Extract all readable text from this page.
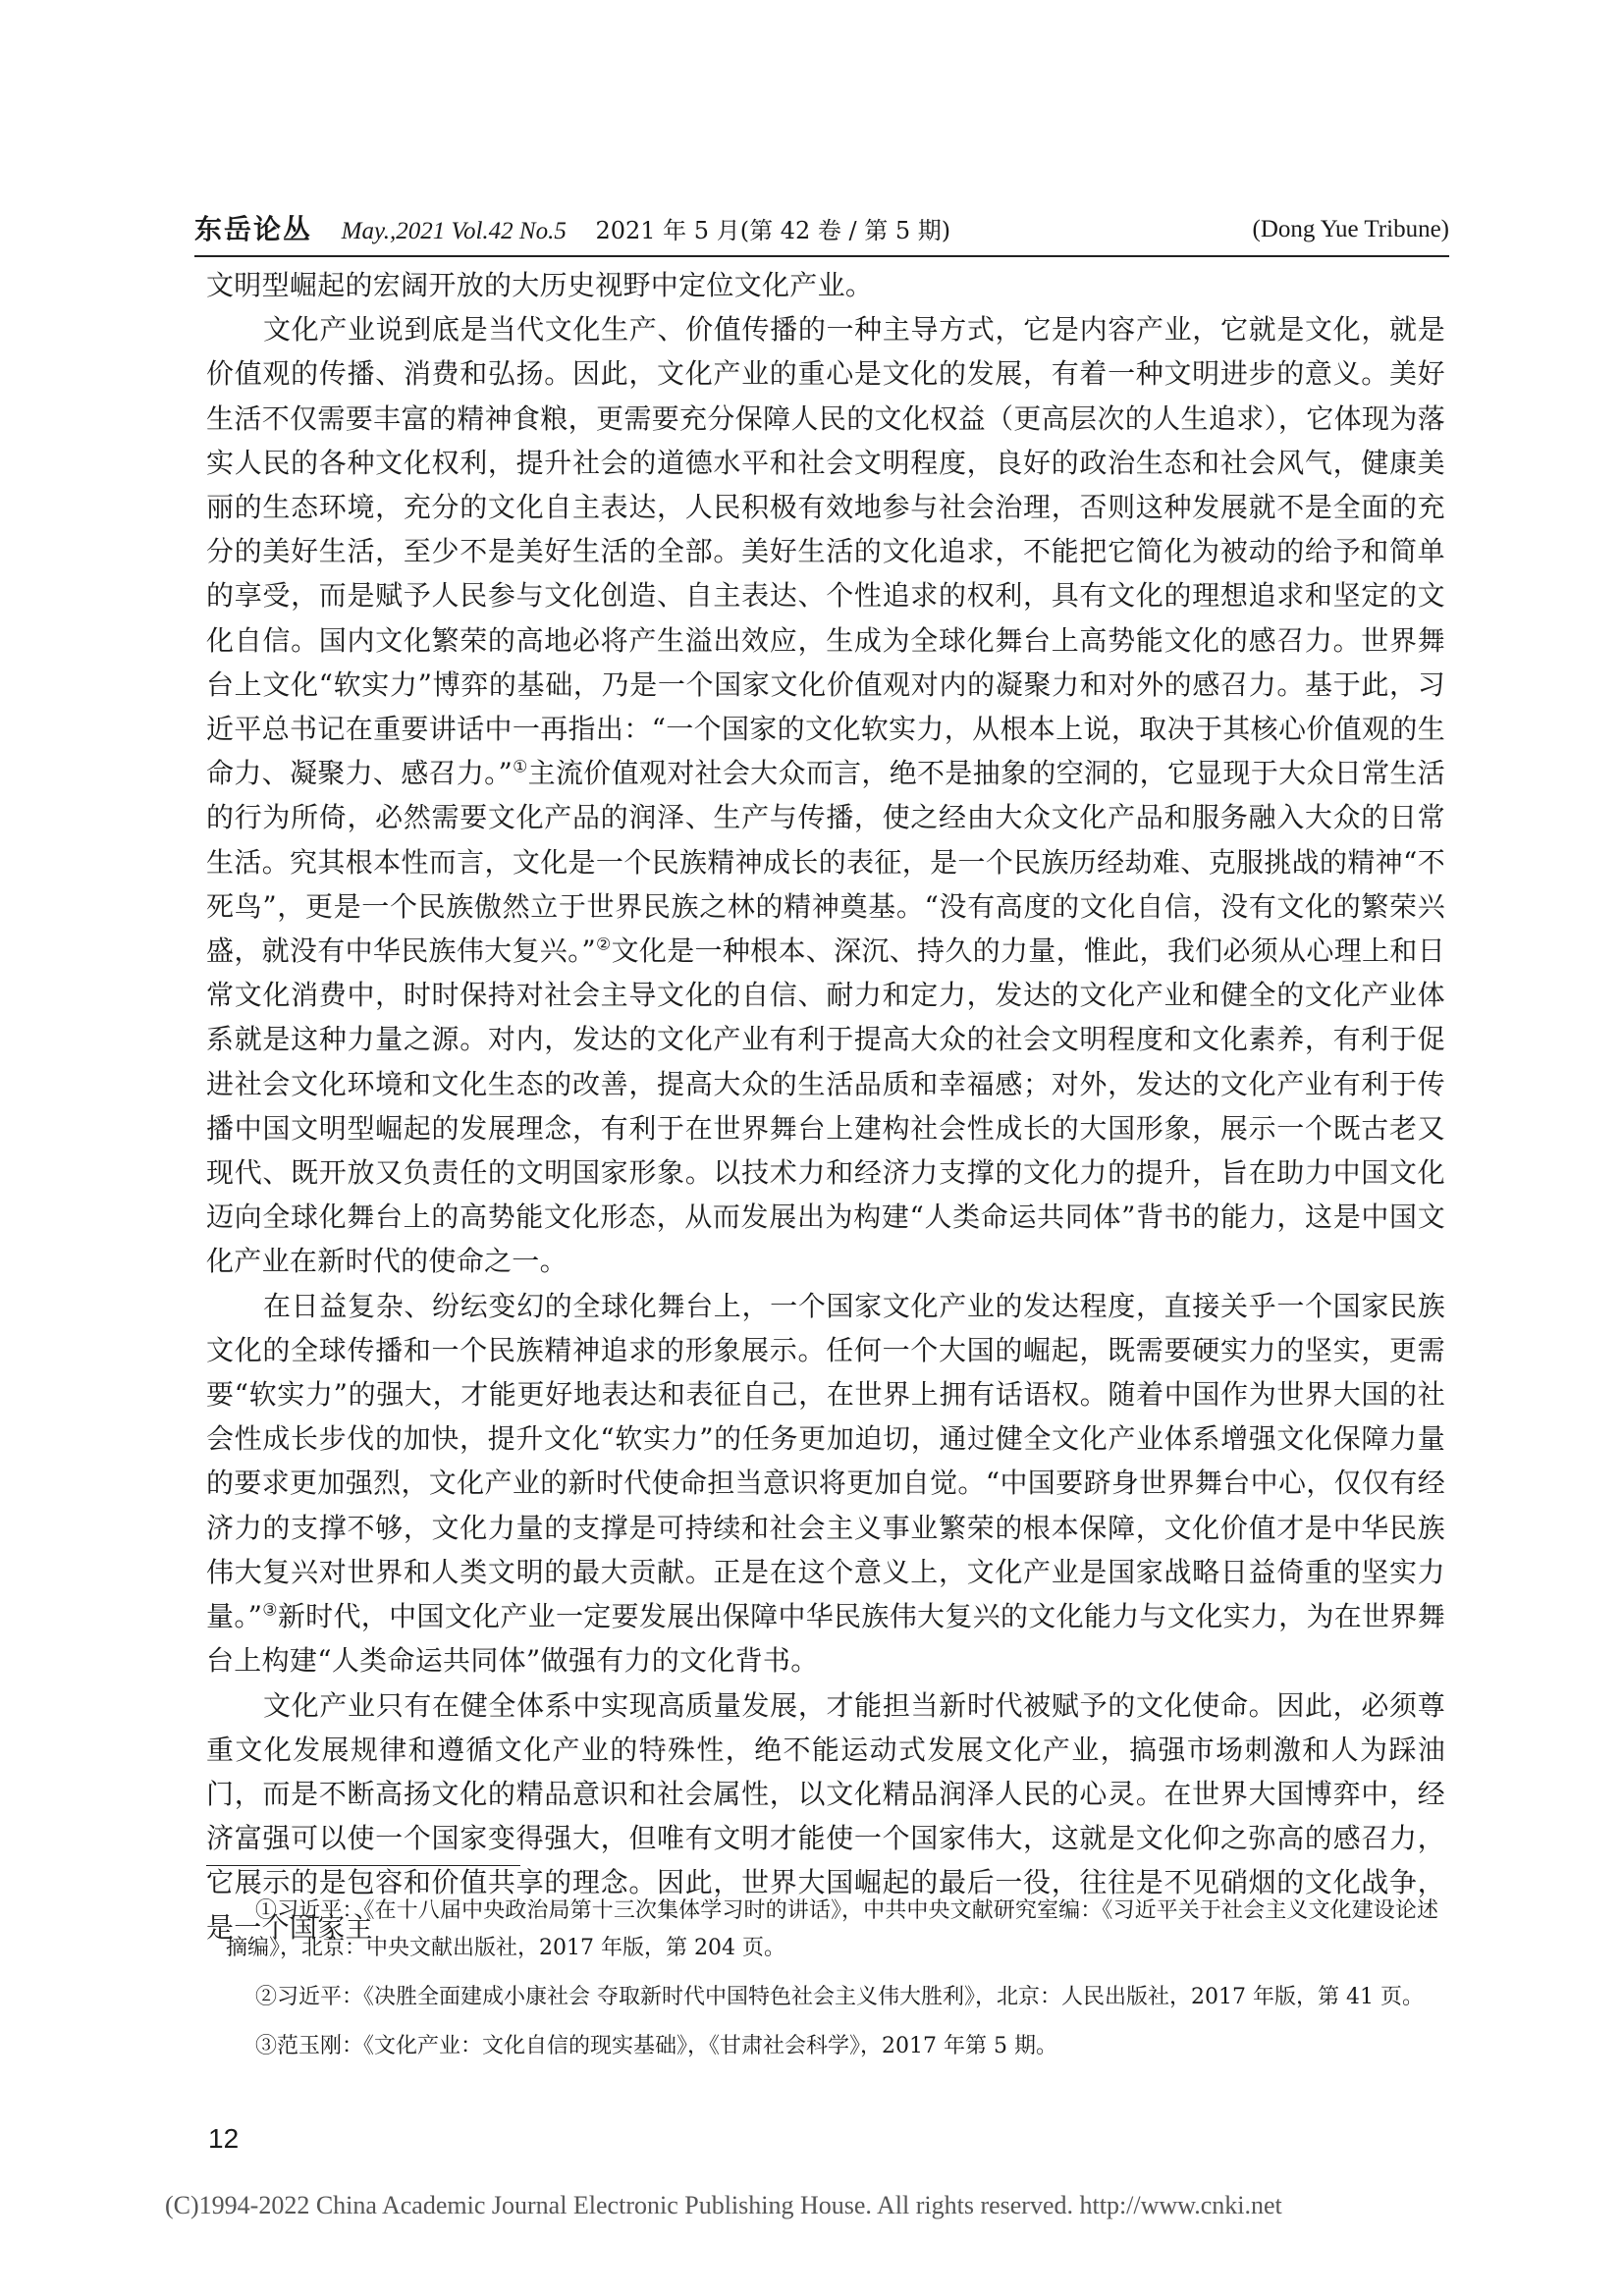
东岳论丛 May.,2021 Vol.42 No.5 2021 年 5 月(第 42 卷 / 第 5 期)	(Dong Yue Tribune)

文明型崛起的宏阔开放的大历史视野中定位文化产业。

文化产业说到底是当代文化生产、价值传播的一种主导方式，它是内容产业，它就是文化，就是价值观的传播、消费和弘扬。因此，文化产业的重心是文化的发展，有着一种文明进步的意义。美好生活不仅需要丰富的精神食粮，更需要充分保障人民的文化权益（更高层次的人生追求），它体现为落实人民的各种文化权利，提升社会的道德水平和社会文明程度，良好的政治生态和社会风气，健康美丽的生态环境，充分的文化自主表达，人民积极有效地参与社会治理，否则这种发展就不是全面的充分的美好生活，至少不是美好生活的全部。美好生活的文化追求，不能把它简化为被动的给予和简单的享受，而是赋予人民参与文化创造、自主表达、个性追求的权利，具有文化的理想追求和坚定的文化自信。国内文化繁荣的高地必将产生溢出效应，生成为全球化舞台上高势能文化的感召力。世界舞台上文化“软实力”博弈的基础，乃是一个国家文化价值观对内的凝聚力和对外的感召力。基于此，习近平总书记在重要讲话中一再指出：“一个国家的文化软实力，从根本上说，取决于其核心价值观的生命力、凝聚力、感召力。”①主流价值观对社会大众而言，绝不是抽象的空洞的，它显现于大众日常生活的行为所倚，必然需要文化产品的润泽、生产与传播，使之经由大众文化产品和服务融入大众的日常生活。究其根本性而言，文化是一个民族精神成长的表征，是一个民族历经劫难、克服挑战的精神“不死鸟”，更是一个民族傲然立于世界民族之林的精神奠基。“没有高度的文化自信，没有文化的繁荣兴盛，就没有中华民族伟大复兴。”②文化是一种根本、深沉、持久的力量，惟此，我们必须从心理上和日常文化消费中，时时保持对社会主导文化的自信、耐力和定力，发达的文化产业和健全的文化产业体系就是这种力量之源。对内，发达的文化产业有利于提高大众的社会文明程度和文化素养，有利于促进社会文化环境和文化生态的改善，提高大众的生活品质和幸福感；对外，发达的文化产业有利于传播中国文明型崛起的发展理念，有利于在世界舞台上建构社会性成长的大国形象，展示一个既古老又现代、既开放又负责任的文明国家形象。以技术力和经济力支撑的文化力的提升，旨在助力中国文化迈向全球化舞台上的高势能文化形态，从而发展出为构建“人类命运共同体”背书的能力，这是中国文化产业在新时代的使命之一。

在日益复杂、纷纭变幻的全球化舞台上，一个国家文化产业的发达程度，直接关乎一个国家民族文化的全球传播和一个民族精神追求的形象展示。任何一个大国的崛起，既需要硬实力的坚实，更需要“软实力”的强大，才能更好地表达和表征自己，在世界上拥有话语权。随着中国作为世界大国的社会性成长步伐的加快，提升文化“软实力”的任务更加迫切，通过健全文化产业体系增强文化保障力量的要求更加强烈，文化产业的新时代使命担当意识将更加自觉。“中国要跻身世界舞台中心，仅仅有经济力的支撑不够，文化力量的支撑是可持续和社会主义事业繁荣的根本保障，文化价值才是中华民族伟大复兴对世界和人类文明的最大贡献。正是在这个意义上，文化产业是国家战略日益倚重的坚实力量。”③新时代，中国文化产业一定要发展出保障中华民族伟大复兴的文化能力与文化实力，为在世界舞台上构建“人类命运共同体”做强有力的文化背书。

文化产业只有在健全体系中实现高质量发展，才能担当新时代被赋予的文化使命。因此，必须尊重文化发展规律和遵循文化产业的特殊性，绝不能运动式发展文化产业，搞强市场刺激和人为踩油门，而是不断高扬文化的精品意识和社会属性，以文化精品润泽人民的心灵。在世界大国博弈中，经济富强可以使一个国家变得强大，但唯有文明才能使一个国家伟大，这就是文化仰之弥高的感召力，它展示的是包容和价值共享的理念。因此，世界大国崛起的最后一役，往往是不见硝烟的文化战争，是一个国家主

①习近平：《在十八届中央政治局第十三次集体学习时的讲话》，中共中央文献研究室编：《习近平关于社会主义文化建设论述摘编》，北京：中央文献出版社，2017 年版，第 204 页。

②习近平：《决胜全面建成小康社会 夺取新时代中国特色社会主义伟大胜利》，北京：人民出版社，2017 年版，第 41 页。

③范玉刚：《文化产业：文化自信的现实基础》，《甘肃社会科学》，2017 年第 5 期。

12
(C)1994-2022 China Academic Journal Electronic Publishing House. All rights reserved. http://www.cnki.net
